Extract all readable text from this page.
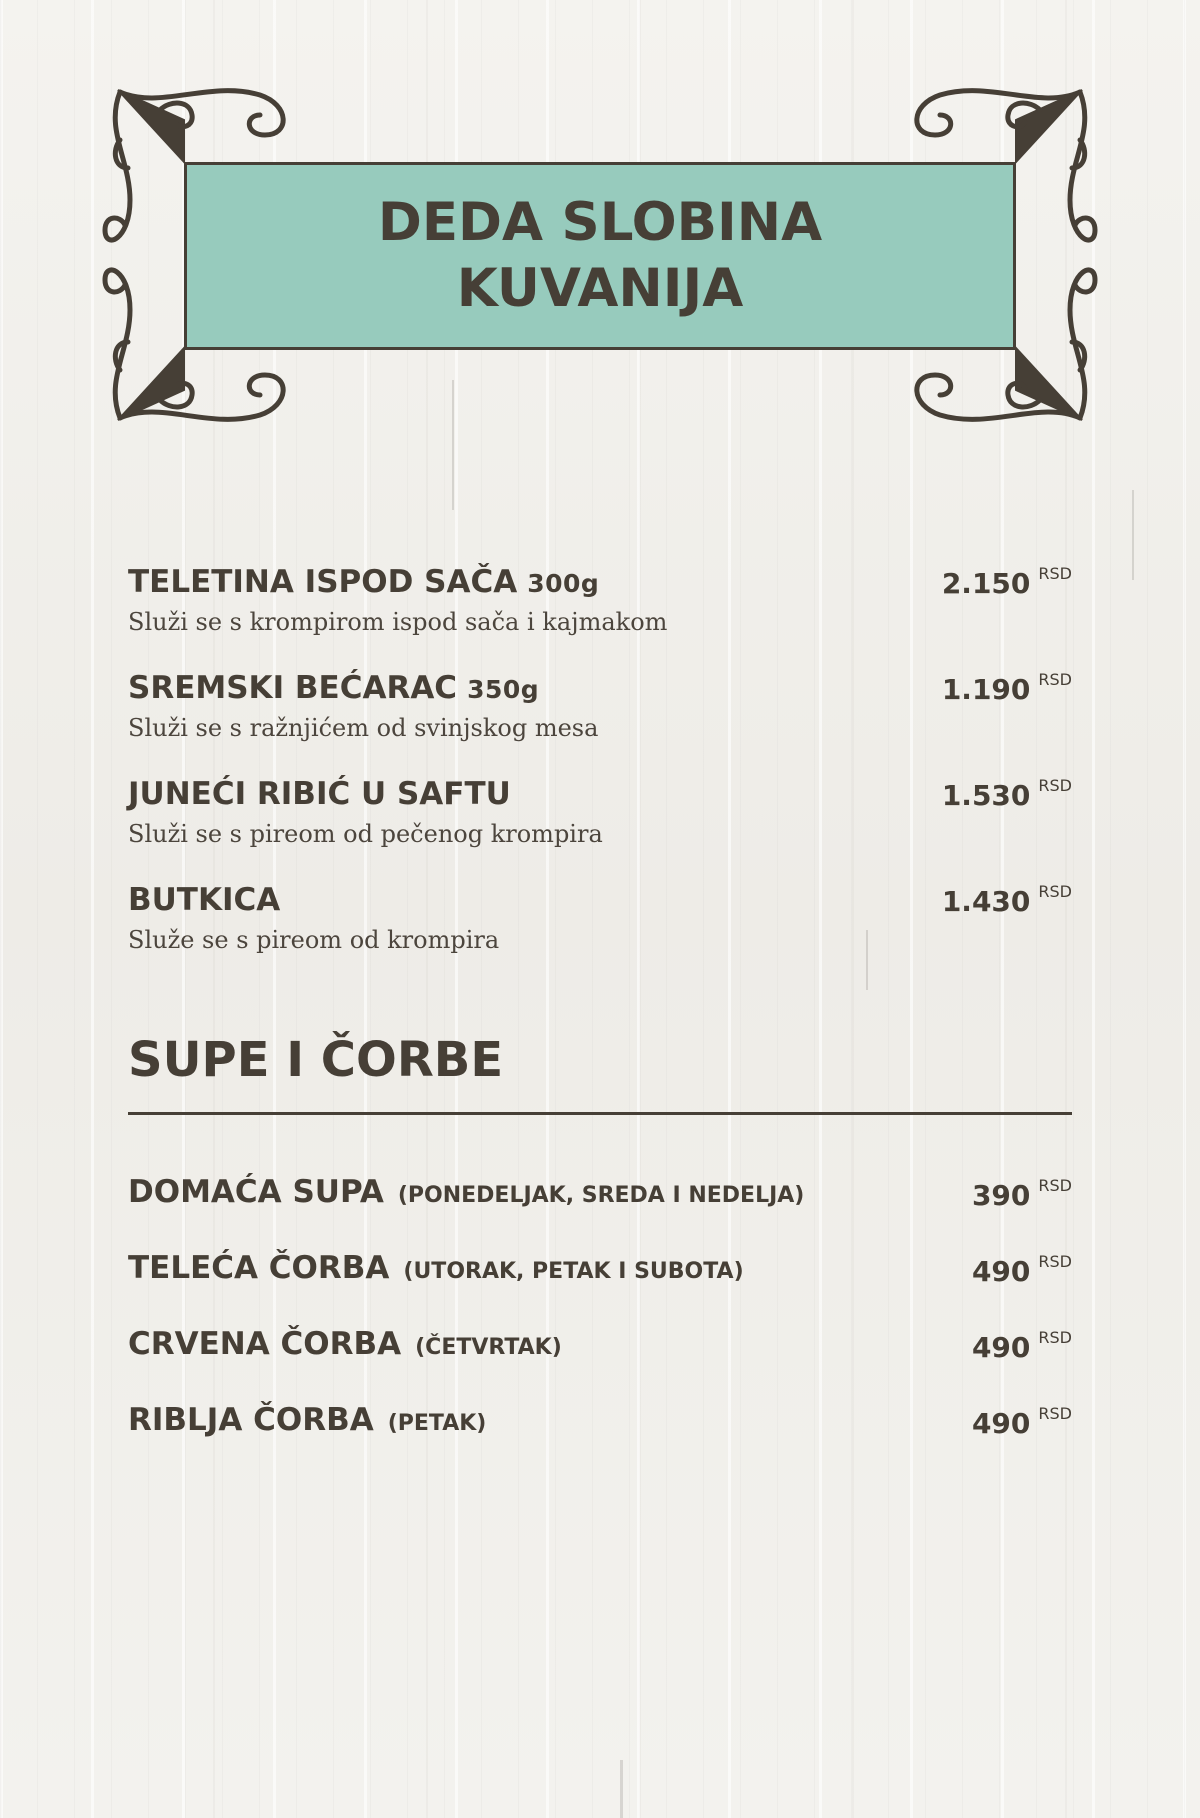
DEDA SLOBINA
KUVANIJA
TELETINA ISPOD SAČA 300g
Služi se s krompirom ispod sača i kajmakom
2.150 $^{RSD}$
SREMSKI BEĆARAC 350g
Služi se s ražnjićem od svinjskog mesa
1.190 $^{RSD}$
JUNEĆI RIBIĆ U SAFTU
Služi se s pireom od pečenog krompira
1.530 $^{RSD}$
BUTKICA
Služe se s pireom od krompira
1.430 $^{RSD}$
SUPE I ČORBE
DOMAĆA SUPA (PONEDELJAK, SREDA I NEDELJA)	390 $^{RSD}$
TELEĆA ČORBA (UTORAK, PETAK I SUBOTA)	490 $^{RSD}$
CRVENA ČORBA (ČETVRTAK)	490 $^{RSD}$
RIBLJA ČORBA (PETAK)	490 $^{RSD}$
